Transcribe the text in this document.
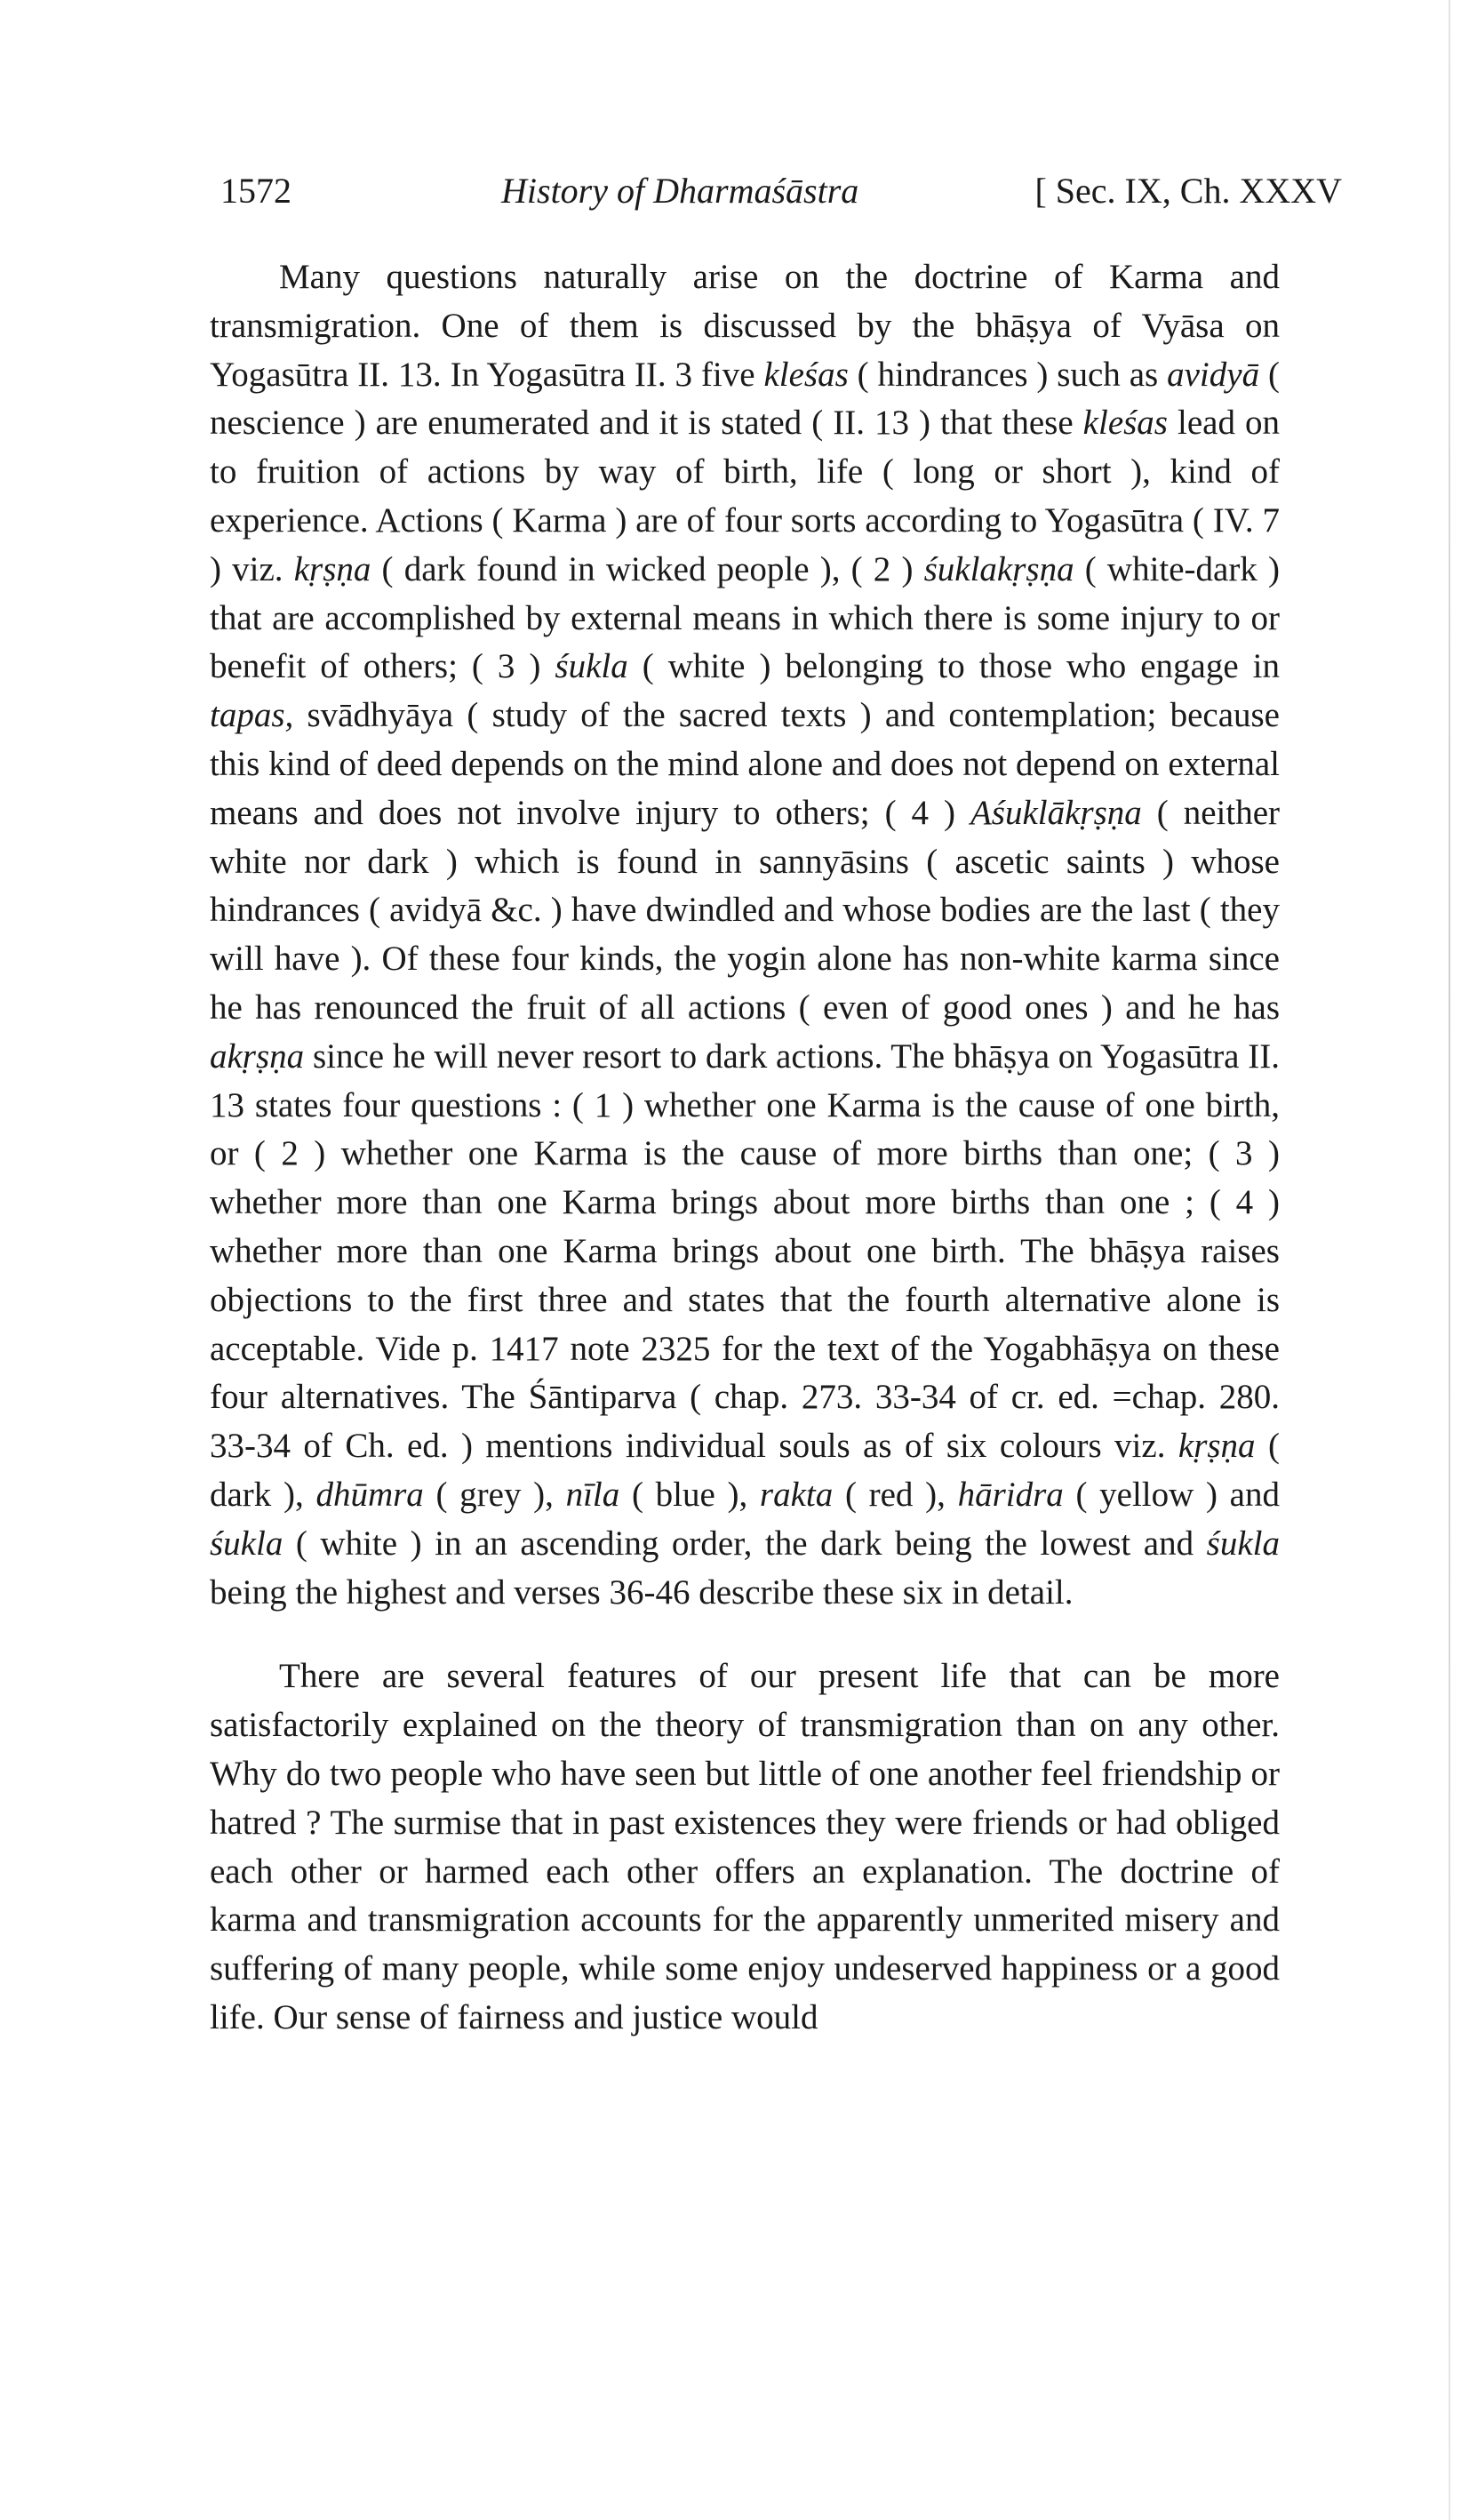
1572	History of Dharmaśāstra	[ Sec. IX, Ch. XXXV

Many questions naturally arise on the doctrine of Karma and transmigration. One of them is discussed by the bhāṣya of Vyāsa on Yogasūtra II. 13. In Yogasūtra II. 3 five kleśas ( hindrances ) such as avidyā ( nescience ) are enumerated and it is stated ( II. 13 ) that these kleśas lead on to fruition of actions by way of birth, life ( long or short ), kind of experience. Actions ( Karma ) are of four sorts according to Yogasūtra ( IV. 7 ) viz. kṛṣṇa ( dark found in wicked people ), ( 2 ) śuklakṛṣṇa ( white-dark ) that are accomplished by external means in which there is some injury to or benefit of others; ( 3 ) śukla ( white ) belonging to those who engage in tapas, svādhyāya ( study of the sacred texts ) and contemplation; because this kind of deed depends on the mind alone and does not depend on external means and does not involve injury to others; ( 4 ) Aśuklākṛṣṇa ( neither white nor dark ) which is found in sannyāsins ( ascetic saints ) whose hindrances ( avidyā &c. ) have dwindled and whose bodies are the last ( they will have ). Of these four kinds, the yogin alone has non-white karma since he has renounced the fruit of all actions ( even of good ones ) and he has akṛṣṇa since he will never resort to dark actions. The bhāṣya on Yogasūtra II. 13 states four questions : ( 1 ) whether one Karma is the cause of one birth, or ( 2 ) whether one Karma is the cause of more births than one; ( 3 ) whether more than one Karma brings about more births than one ; ( 4 ) whether more than one Karma brings about one birth. The bhāṣya raises objections to the first three and states that the fourth alternative alone is acceptable. Vide p. 1417 note 2325 for the text of the Yogabhāṣya on these four alternatives. The Śāntiparva ( chap. 273. 33-34 of cr. ed. =chap. 280. 33-34 of Ch. ed. ) mentions individual souls as of six colours viz. kṛṣṇa ( dark ), dhūmra ( grey ), nīla ( blue ), rakta ( red ), hāridra ( yellow ) and śukla ( white ) in an ascending order, the dark being the lowest and śukla being the highest and verses 36-46 describe these six in detail.

There are several features of our present life that can be more satisfactorily explained on the theory of transmigration than on any other. Why do two people who have seen but little of one another feel friendship or hatred ? The surmise that in past existences they were friends or had obliged each other or harmed each other offers an explanation. The doctrine of karma and transmigration accounts for the apparently unmerited misery and suffering of many people, while some enjoy undeserved happiness or a good life. Our sense of fairness and justice would
